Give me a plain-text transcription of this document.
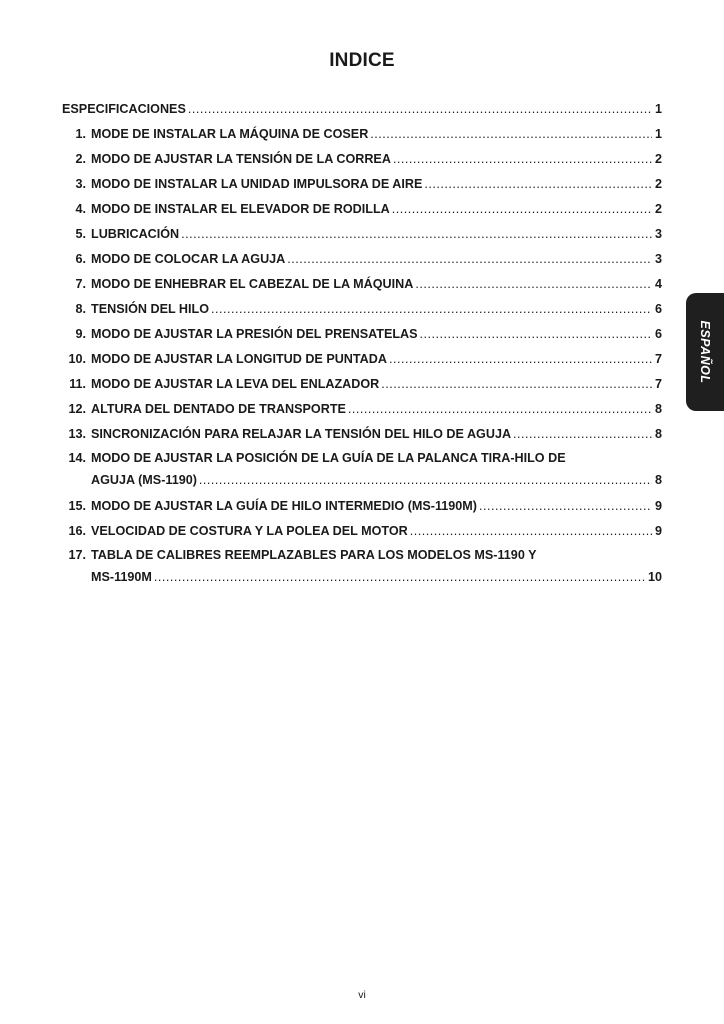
INDICE
ESPECIFICACIONES .....	1
1. MODE DE INSTALAR LA MÁQUINA DE COSER .....	1
2. MODO DE AJUSTAR LA TENSIÓN DE LA CORREA .....	2
3. MODO DE INSTALAR LA UNIDAD IMPULSORA DE AIRE .....	2
4. MODO DE INSTALAR EL ELEVADOR DE RODILLA .....	2
5. LUBRICACIÓN .....	3
6. MODO DE COLOCAR LA AGUJA .....	3
7. MODO DE ENHEBRAR EL CABEZAL DE LA MÁQUINA .....	4
8. TENSIÓN DEL HILO .....	6
9. MODO DE AJUSTAR LA PRESIÓN DEL PRENSATELAS .....	6
10. MODO DE AJUSTAR LA LONGITUD DE PUNTADA .....	7
11. MODO DE AJUSTAR LA LEVA DEL ENLAZADOR .....	7
12. ALTURA DEL DENTADO DE TRANSPORTE .....	8
13. SINCRONIZACIÓN PARA RELAJAR LA TENSIÓN DEL HILO DE AGUJA .....	8
14. MODO DE AJUSTAR LA POSICIÓN DE LA GUÍA DE LA PALANCA TIRA-HILO DE
AGUJA (MS-1190) .....	8
15. MODO DE AJUSTAR LA GUÍA DE HILO INTERMEDIO (MS-1190M) .....	9
16. VELOCIDAD DE COSTURA Y LA POLEA DEL MOTOR .....	9
17. TABLA DE CALIBRES REEMPLAZABLES PARA LOS MODELOS MS-1190 Y
MS-1190M .....	10
ESPAÑOL
vi
